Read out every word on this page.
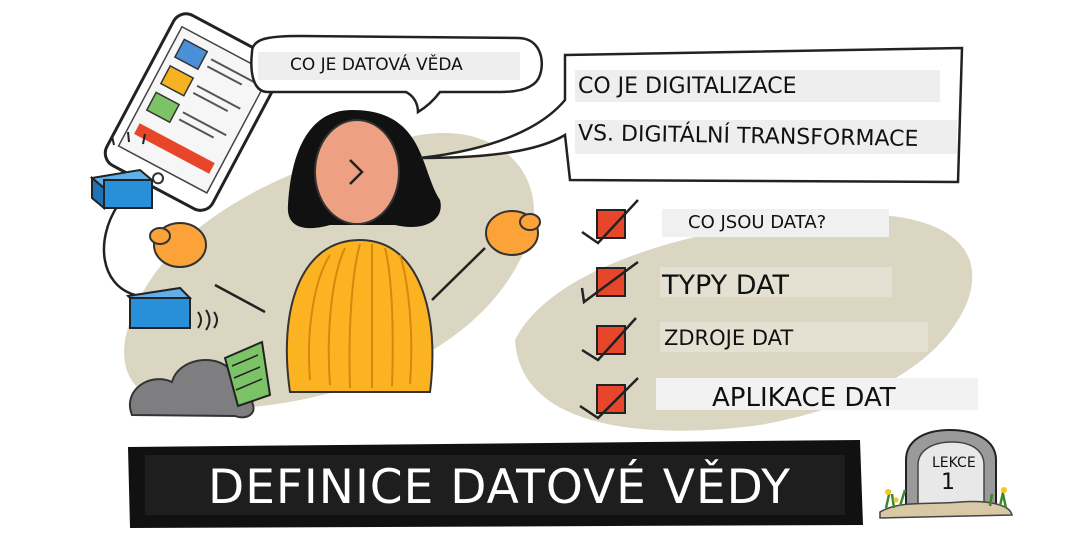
CO JE DATOVÁ VĚDA
CO JE DIGITALIZACE
VS. DIGITÁLNÍ TRANSFORMACE
CO JSOU DATA?
TYPY DAT
ZDROJE DAT
APLIKACE DAT
DEFINICE DATOVÉ VĚDY	LEKCE
1
